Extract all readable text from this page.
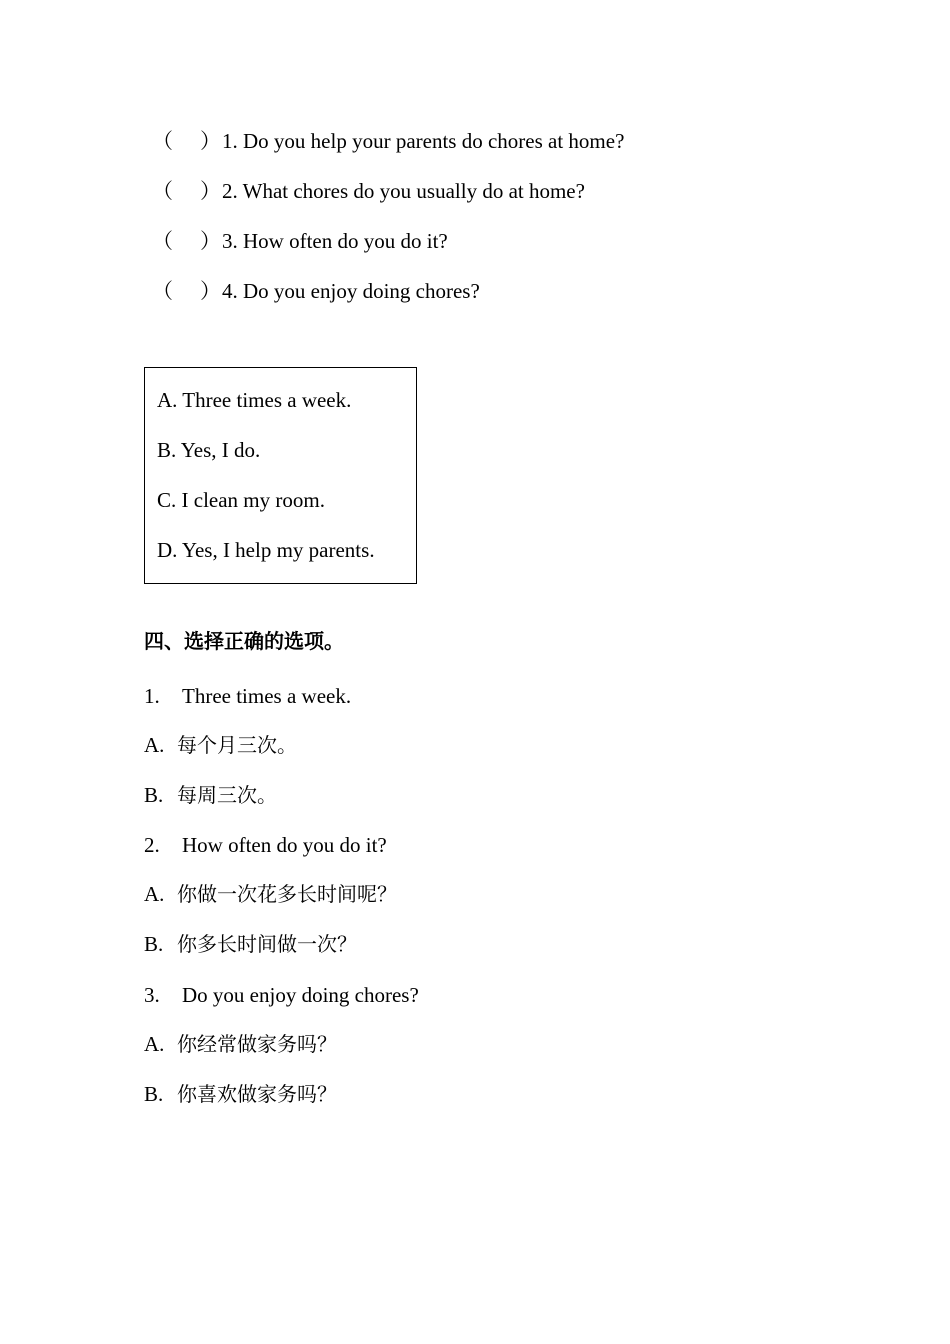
（ ）1. Do you help your parents do chores at home?
（ ）2. What chores do you usually do at home?
（ ）3. How often do you do it?
（ ）4. Do you enjoy doing chores?
A. Three times a week.
B. Yes, I do.
C. I clean my room.
D. Yes, I help my parents.
四、选择正确的选项。
1. Three times a week.
A. 每个月三次。
B. 每周三次。
2. How often do you do it?
A. 你做一次花多长时间呢？
B. 你多长时间做一次？
3. Do you enjoy doing chores?
A. 你经常做家务吗？
B. 你喜欢做家务吗？
